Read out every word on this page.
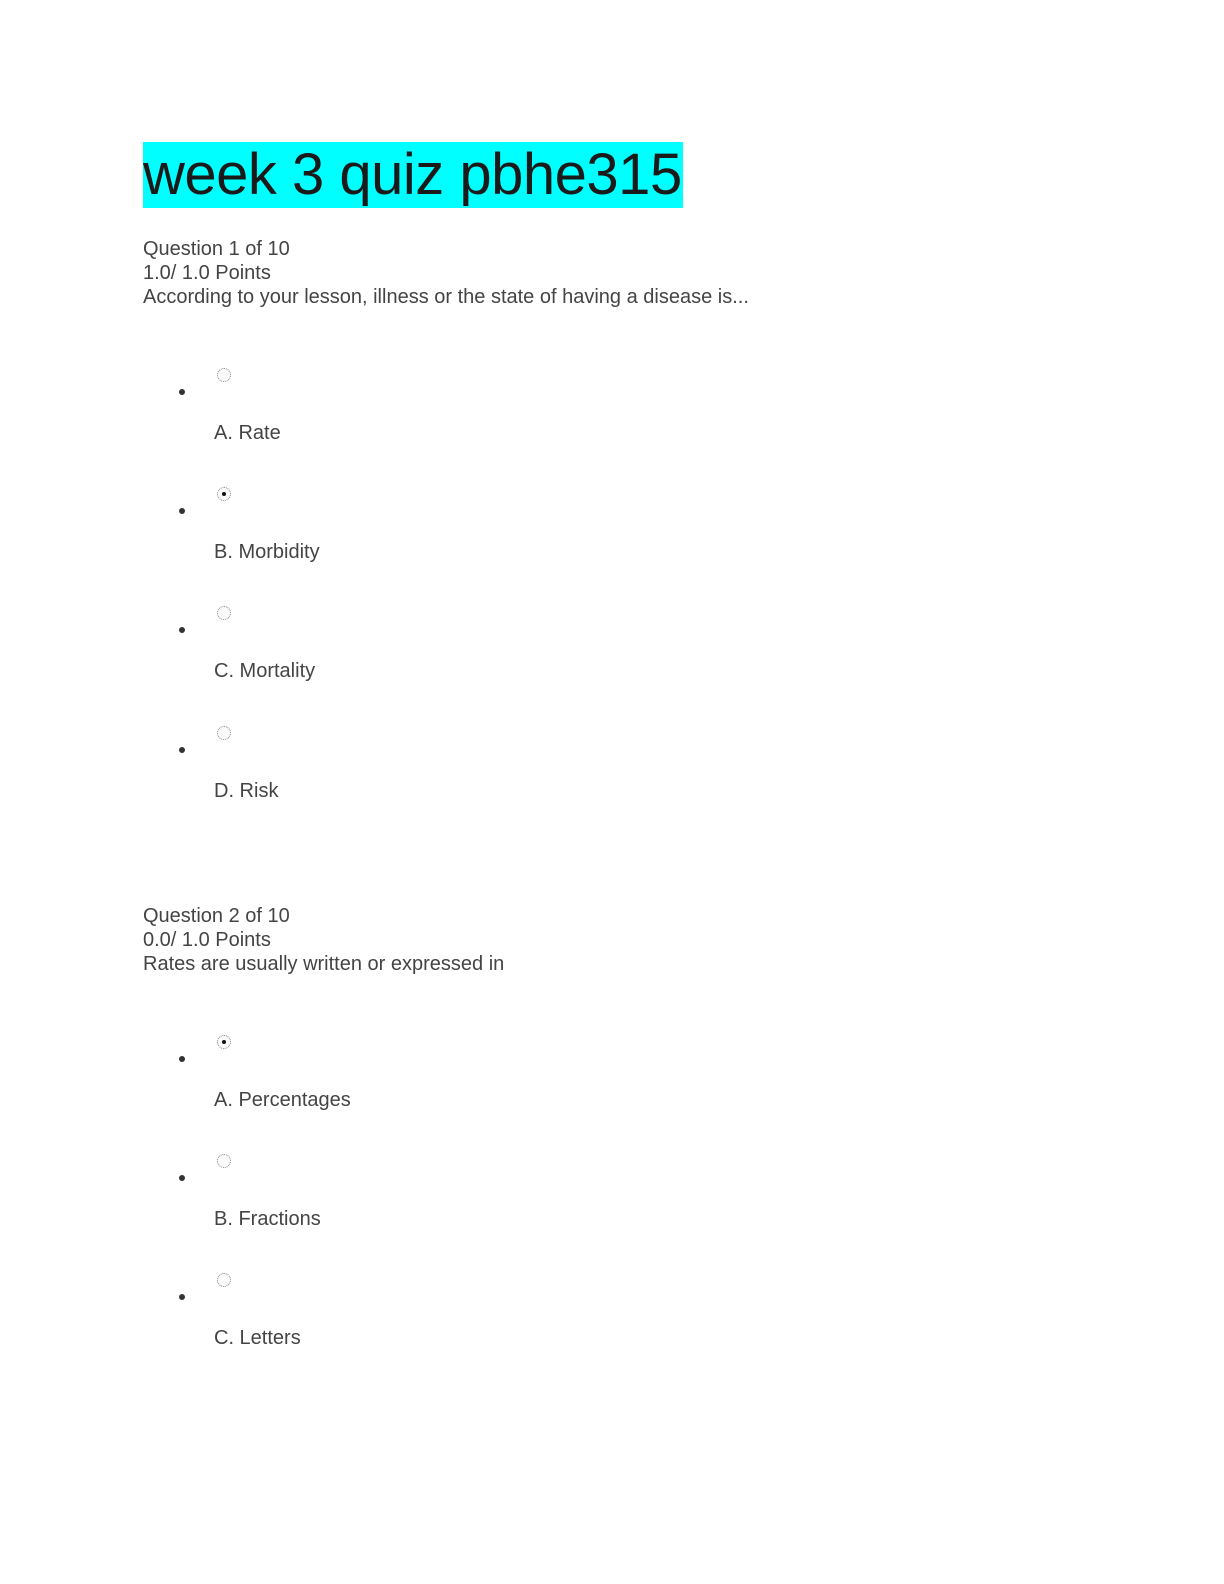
week 3 quiz pbhe315
Question 1 of 10
1.0/ 1.0 Points
According to your lesson, illness or the state of having a disease is...
A. Rate
B. Morbidity
C. Mortality
D. Risk
Question 2 of 10
0.0/ 1.0 Points
Rates are usually written or expressed in
A. Percentages
B. Fractions
C. Letters
